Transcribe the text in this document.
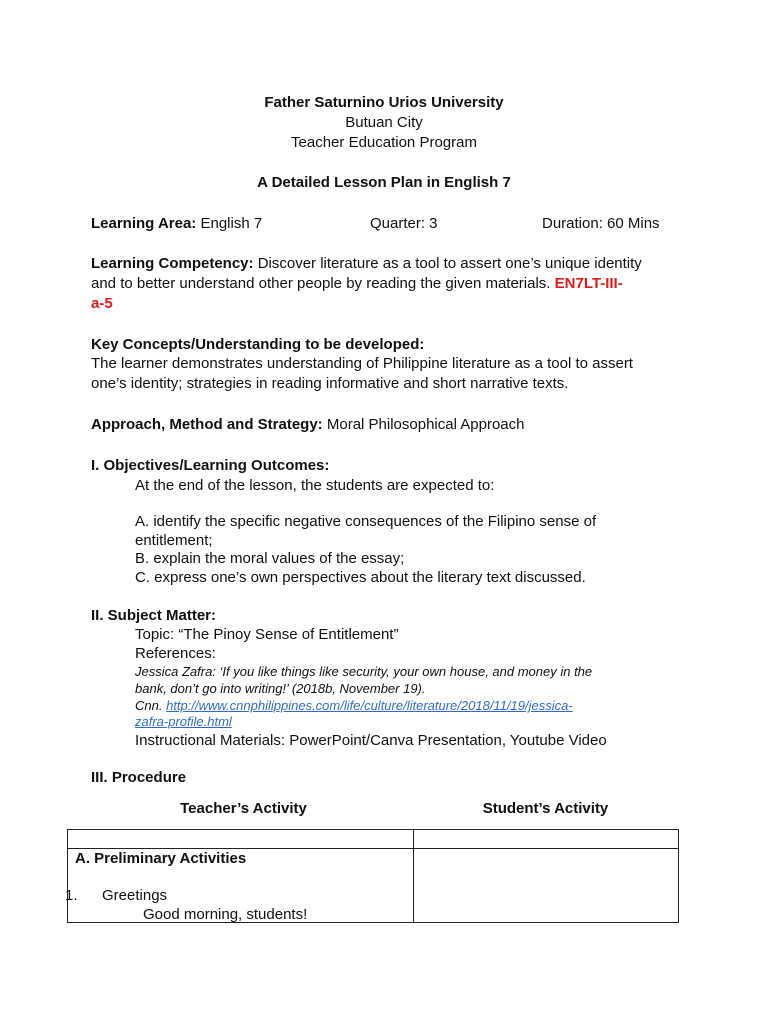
Father Saturnino Urios University
Butuan City
Teacher Education Program
A Detailed Lesson Plan in English 7
Learning Area: English 7	Quarter: 3	Duration: 60 Mins
Learning Competency: Discover literature as a tool to assert one’s unique identity
and to better understand other people by reading the given materials. EN7LT-III-
a-5
Key Concepts/Understanding to be developed:
The learner demonstrates understanding of Philippine literature as a tool to assert
one’s identity; strategies in reading informative and short narrative texts.
Approach, Method and Strategy: Moral Philosophical Approach
I. Objectives/Learning Outcomes:
At the end of the lesson, the students are expected to:
A. identify the specific negative consequences of the Filipino sense of
entitlement;
B. explain the moral values of the essay;
C. express one’s own perspectives about the literary text discussed.
II. Subject Matter:
Topic: “The Pinoy Sense of Entitlement”
References:
Jessica Zafra: ‘If you like things like security, your own house, and money in the
bank, don’t go into writing!’ (2018b, November 19).
Cnn. http://www.cnnphilippines.com/life/culture/literature/2018/11/19/jessica-
zafra-profile.html
Instructional Materials: PowerPoint/Canva Presentation, Youtube Video
III. Procedure
Teacher’s Activity	Student’s Activity

A. Preliminary Activities
1. Greetings
Good morning, students!	
